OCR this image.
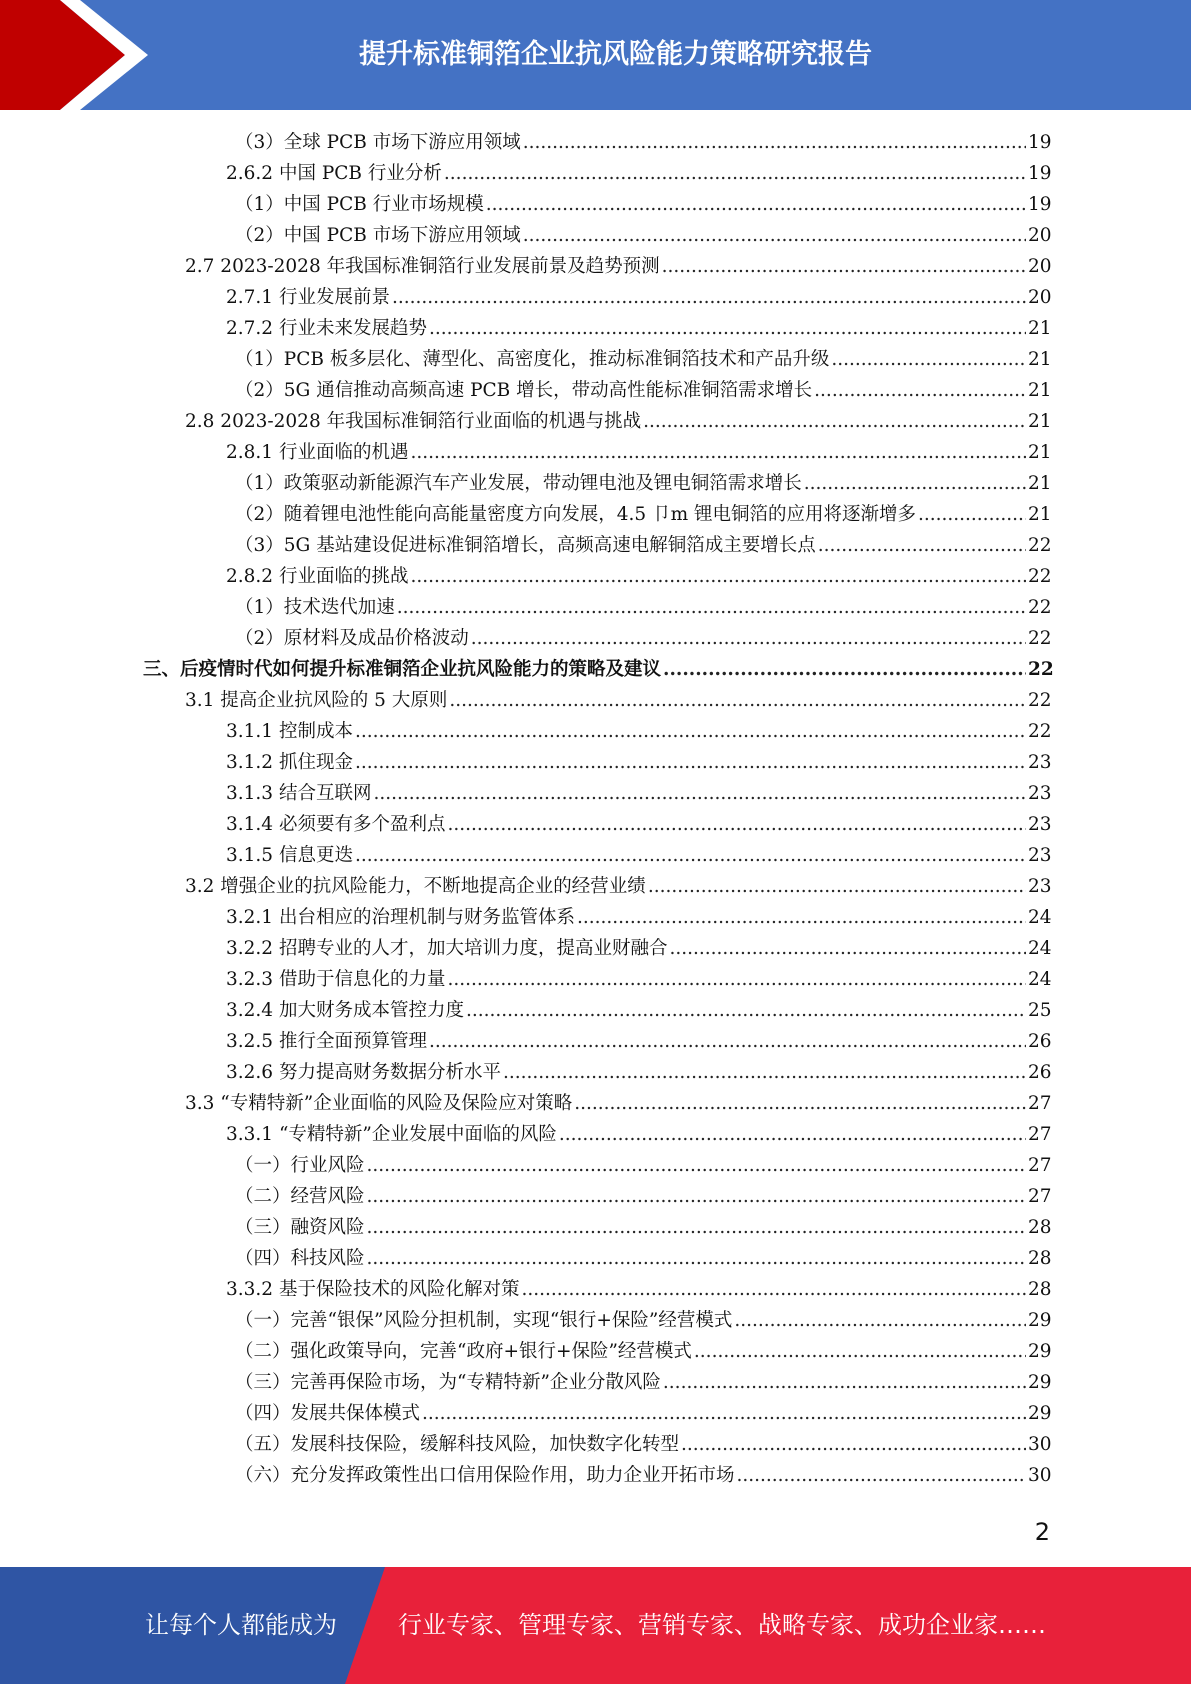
提升标准铜箔企业抗风险能力策略研究报告
（3）全球 PCB 市场下游应用领域 .....	19
2.6.2 中国 PCB 行业分析 .....	19
（1）中国 PCB 行业市场规模 .....	19
（2）中国 PCB 市场下游应用领域 .....	20
2.7 2023-2028 年我国标准铜箔行业发展前景及趋势预测 .....	20
2.7.1 行业发展前景 .....	20
2.7.2 行业未来发展趋势 .....	21
（1）PCB 板多层化、薄型化、高密度化，推动标准铜箔技术和产品升级 .....	21
（2）5G 通信推动高频高速 PCB 增长，带动高性能标准铜箔需求增长 .....	21
2.8 2023-2028 年我国标准铜箔行业面临的机遇与挑战 .....	21
2.8.1 行业面临的机遇 .....	21
（1）政策驱动新能源汽车产业发展，带动锂电池及锂电铜箔需求增长 .....	21
（2）随着锂电池性能向高能量密度方向发展，4.5 卩m 锂电铜箔的应用将逐渐增多 .....	21
（3）5G 基站建设促进标准铜箔增长，高频高速电解铜箔成主要增长点 .....	22
2.8.2 行业面临的挑战 .....	22
（1）技术迭代加速 .....	22
（2）原材料及成品价格波动 .....	22
三、后疫情时代如何提升标准铜箔企业抗风险能力的策略及建议 .....	22
3.1 提高企业抗风险的 5 大原则 .....	22
3.1.1 控制成本 .....	22
3.1.2 抓住现金 .....	23
3.1.3 结合互联网 .....	23
3.1.4 必须要有多个盈利点 .....	23
3.1.5 信息更迭 .....	23
3.2 增强企业的抗风险能力，不断地提高企业的经营业绩 .....	23
3.2.1 出台相应的治理机制与财务监管体系 .....	24
3.2.2 招聘专业的人才，加大培训力度，提高业财融合 .....	24
3.2.3 借助于信息化的力量 .....	24
3.2.4 加大财务成本管控力度 .....	25
3.2.5 推行全面预算管理 .....	26
3.2.6 努力提高财务数据分析水平 .....	26
3.3 “专精特新”企业面临的风险及保险应对策略 .....	27
3.3.1 “专精特新”企业发展中面临的风险 .....	27
（一）行业风险 .....	27
（二）经营风险 .....	27
（三）融资风险 .....	28
（四）科技风险 .....	28
3.3.2 基于保险技术的风险化解对策 .....	28
（一）完善“银保”风险分担机制，实现“银行+保险”经营模式 .....	29
（二）强化政策导向，完善“政府+银行+保险”经营模式 .....	29
（三）完善再保险市场，为“专精特新”企业分散风险 .....	29
（四）发展共保体模式 .....	29
（五）发展科技保险，缓解科技风险，加快数字化转型 .....	30
（六）充分发挥政策性出口信用保险作用，助力企业开拓市场 .....	30
2
让每个人都能成为	行业专家、管理专家、营销专家、战略专家、成功企业家……
